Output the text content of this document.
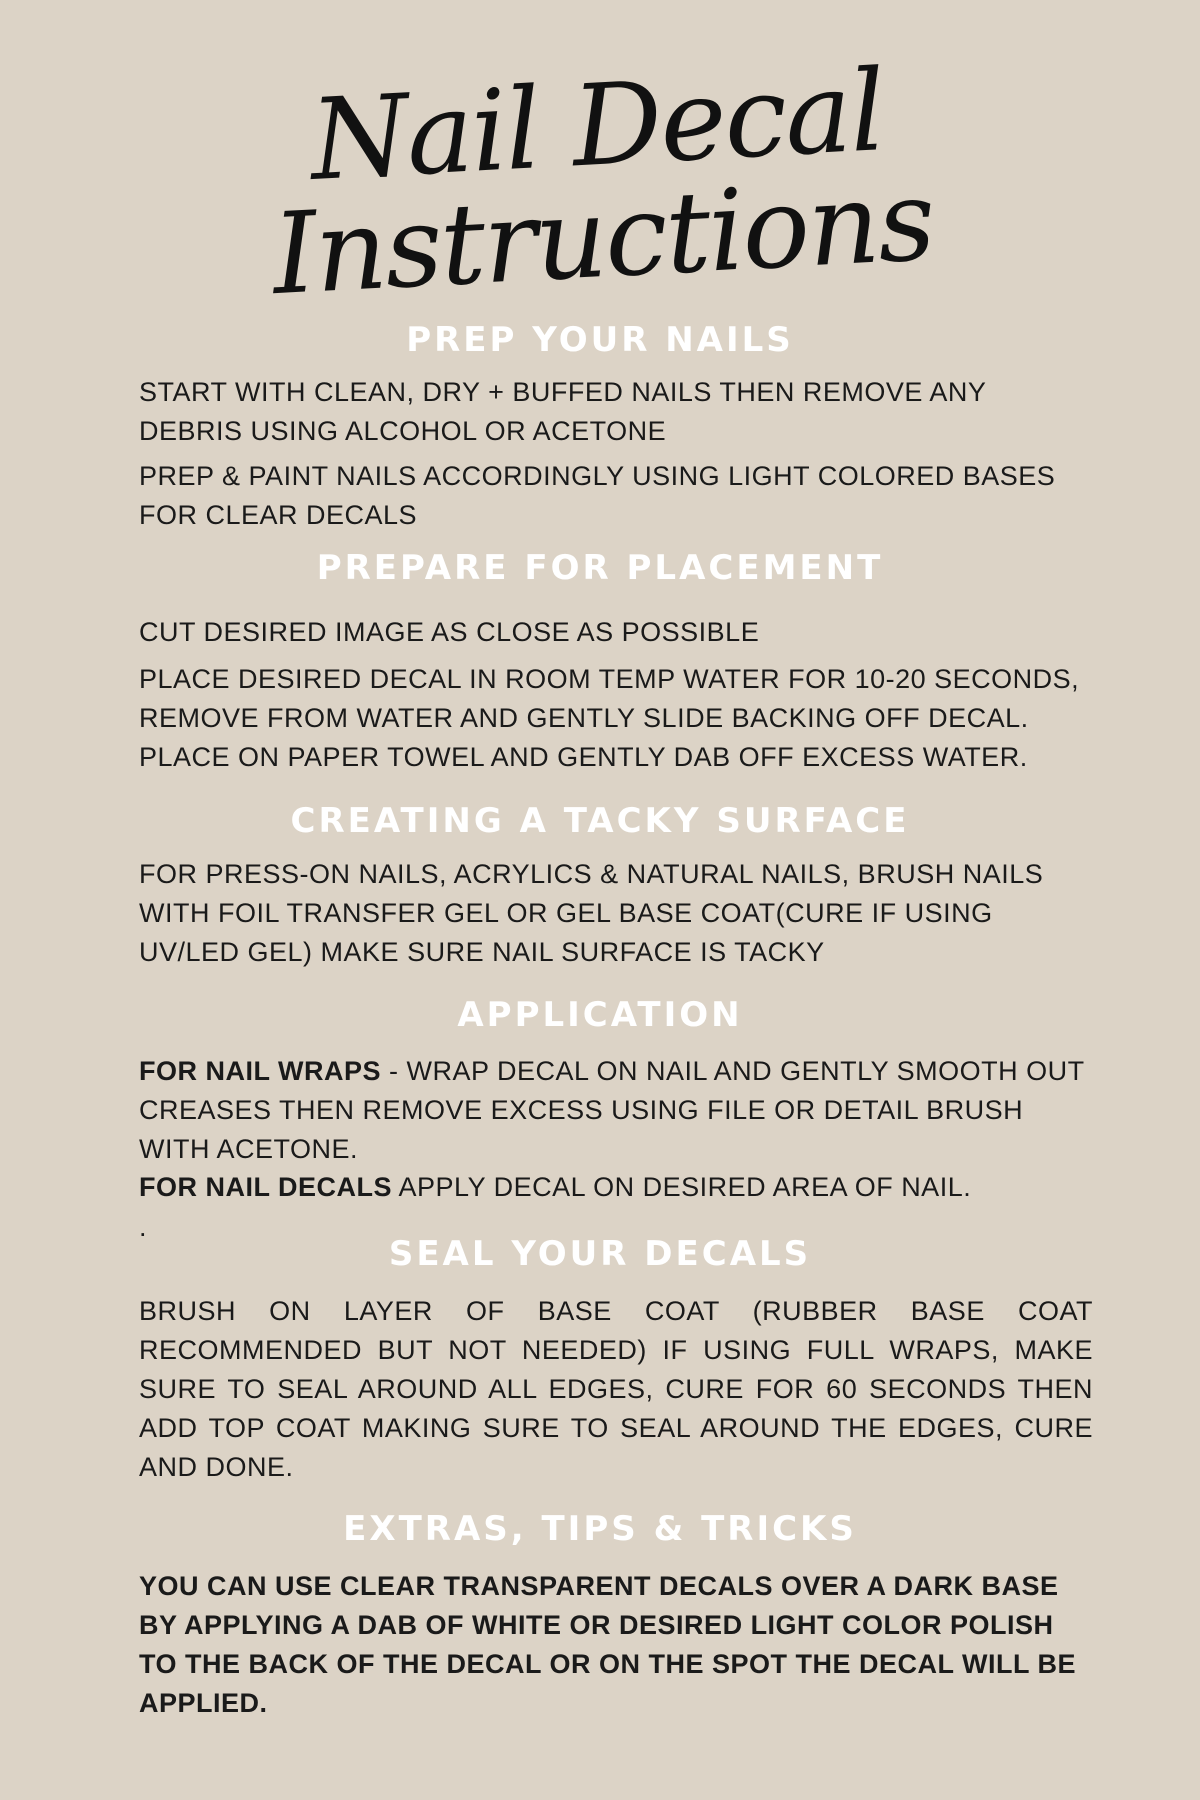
Nail Decal Instructions
PREP YOUR NAILS

START WITH CLEAN, DRY + BUFFED NAILS THEN REMOVE ANY DEBRIS USING ALCOHOL OR ACETONE

PREP & PAINT NAILS ACCORDINGLY USING LIGHT COLORED BASES FOR CLEAR DECALS

PREPARE FOR PLACEMENT

CUT DESIRED IMAGE AS CLOSE AS POSSIBLE

PLACE DESIRED DECAL IN ROOM TEMP WATER FOR 10-20 SECONDS, REMOVE FROM WATER AND GENTLY SLIDE BACKING OFF DECAL. PLACE ON PAPER TOWEL AND GENTLY DAB OFF EXCESS WATER.

CREATING A TACKY SURFACE

FOR PRESS-ON NAILS, ACRYLICS & NATURAL NAILS, BRUSH NAILS WITH FOIL TRANSFER GEL OR GEL BASE COAT(CURE IF USING UV/LED GEL) MAKE SURE NAIL SURFACE IS TACKY

APPLICATION

FOR NAIL WRAPS - WRAP DECAL ON NAIL AND GENTLY SMOOTH OUT CREASES THEN REMOVE EXCESS USING FILE OR DETAIL BRUSH WITH ACETONE.

FOR NAIL DECALS APPLY DECAL ON DESIRED AREA OF NAIL.

.

SEAL YOUR DECALS

BRUSH ON LAYER OF BASE COAT (RUBBER BASE COAT RECOMMENDED BUT NOT NEEDED) IF USING FULL WRAPS, MAKE SURE TO SEAL AROUND ALL EDGES, CURE FOR 60 SECONDS THEN ADD TOP COAT MAKING SURE TO SEAL AROUND THE EDGES, CURE AND DONE.

EXTRAS, TIPS & TRICKS

YOU CAN USE CLEAR TRANSPARENT DECALS OVER A DARK BASE BY APPLYING A DAB OF WHITE OR DESIRED LIGHT COLOR POLISH TO THE BACK OF THE DECAL OR ON THE SPOT THE DECAL WILL BE APPLIED.
